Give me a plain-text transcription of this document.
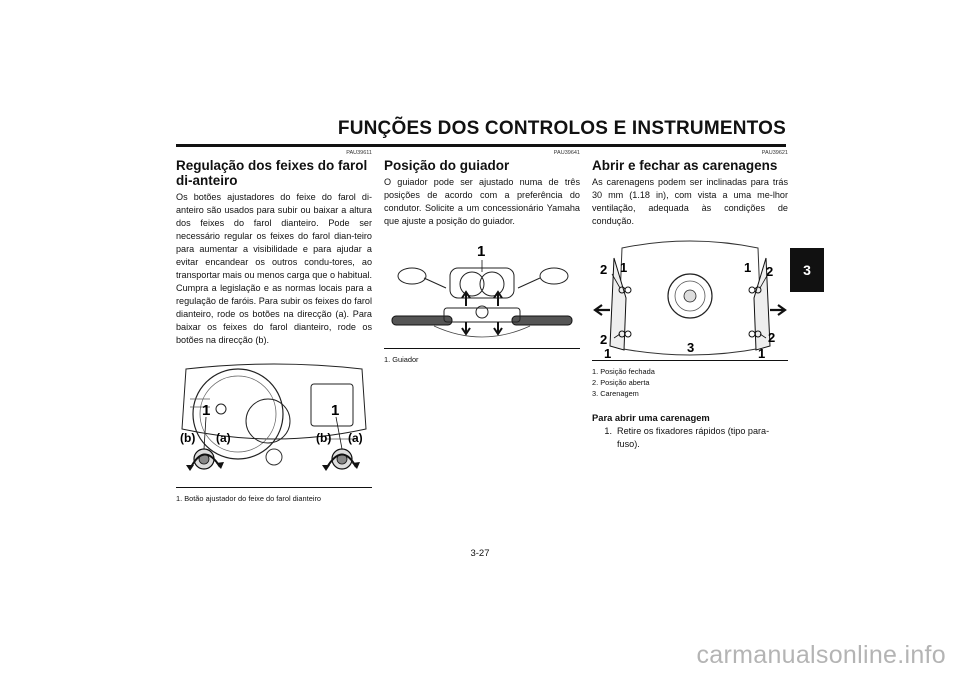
FUNÇÕES DOS CONTROLOS E INSTRUMENTOS
3

PAU39611

Regulação dos feixes do farol di-anteiro

Os botões ajustadores do feixe do farol di-anteiro são usados para subir ou baixar a altura dos feixes do farol dianteiro. Pode ser necessário regular os feixes do farol dian-teiro para aumentar a visibilidade e para ajudar a evitar encandear os outros condu-tores, ao transportar mais ou menos carga que o habitual. Cumpra a legislação e as normas locais para a regulação de faróis. Para subir os feixes do farol dianteiro, rode os botões na direcção (a). Para baixar os feixes do farol dianteiro, rode os botões na direcção (b).

1	1
(b) (a)	(b) (a)

1. Botão ajustador do feixe do farol dianteiro

PAU39641

Posição do guiador

O guiador pode ser ajustado numa de três posições de acordo com a preferência do condutor. Solicite a um concessionário Yamaha que ajuste a posição do guiador.

1

1. Guiador

PAU39621

Abrir e fechar as carenagens

As carenagens podem ser inclinadas para trás 30 mm (1.18 in), com vista a uma me-lhor ventilação, adequada às condições de condução.

2 1	1 2
2
1	3
2
1

1. Posição fechada

2. Posição aberta

3. Carenagem

Para abrir uma carenagem

1. Retire os fixadores rápidos (tipo para-fuso).
3-27
carmanualsonline.info
